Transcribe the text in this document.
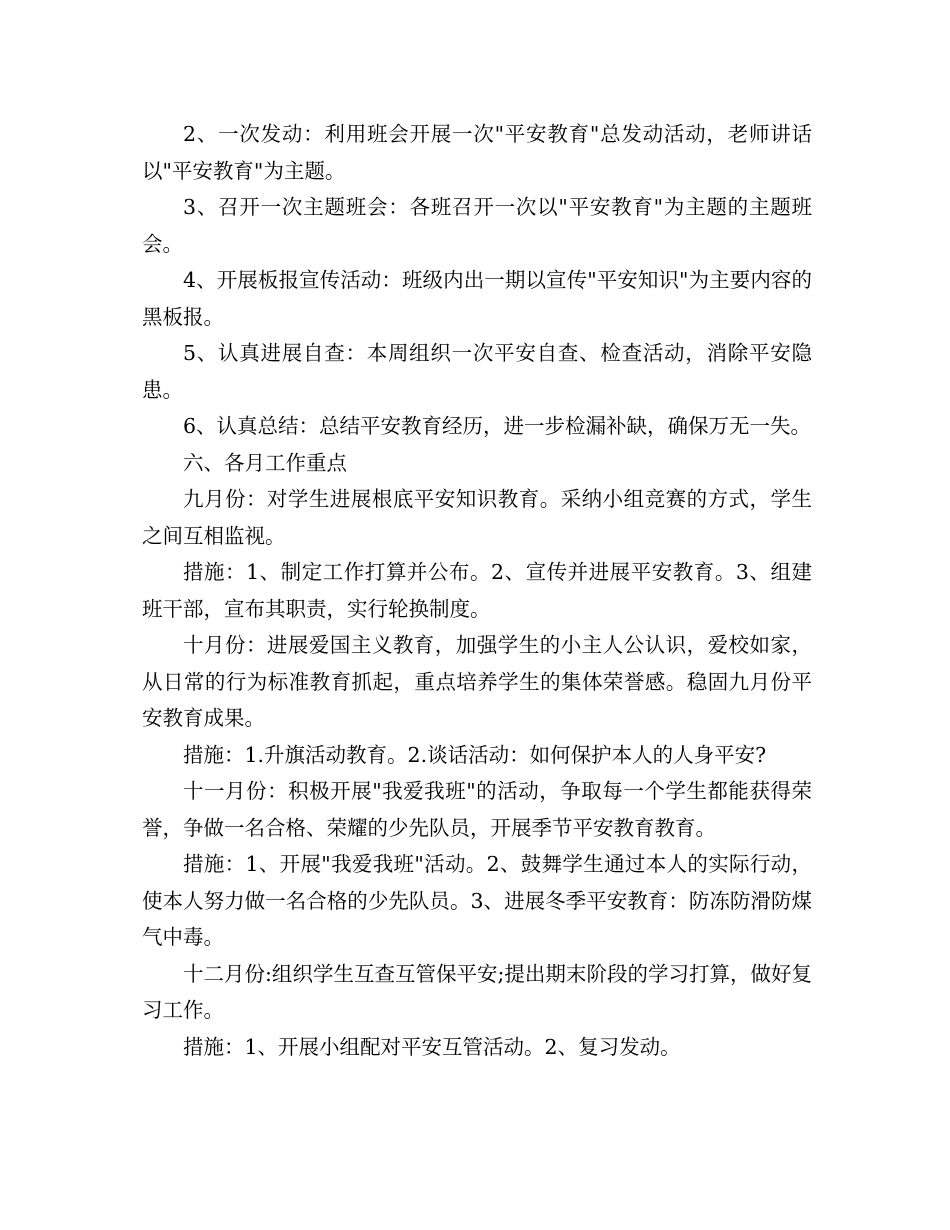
2、一次发动：利用班会开展一次"平安教育"总发动活动，老师讲话以"平安教育"为主题。

3、召开一次主题班会：各班召开一次以"平安教育"为主题的主题班会。

4、开展板报宣传活动：班级内出一期以宣传"平安知识"为主要内容的黑板报。

5、认真进展自查：本周组织一次平安自查、检查活动，消除平安隐患。

6、认真总结：总结平安教育经历，进一步检漏补缺，确保万无一失。

六、各月工作重点

九月份：对学生进展根底平安知识教育。采纳小组竞赛的方式，学生之间互相监视。

措施：1、制定工作打算并公布。2、宣传并进展平安教育。3、组建班干部，宣布其职责，实行轮换制度。

十月份：进展爱国主义教育，加强学生的小主人公认识，爱校如家，从日常的行为标准教育抓起，重点培养学生的集体荣誉感。稳固九月份平安教育成果。

措施：1.升旗活动教育。2.谈话活动：如何保护本人的人身平安?

十一月份：积极开展"我爱我班"的活动，争取每一个学生都能获得荣誉，争做一名合格、荣耀的少先队员，开展季节平安教育教育。

措施：1、开展"我爱我班"活动。2、鼓舞学生通过本人的实际行动，使本人努力做一名合格的少先队员。3、进展冬季平安教育：防冻防滑防煤气中毒。

十二月份:组织学生互查互管保平安;提出期末阶段的学习打算，做好复习工作。

措施：1、开展小组配对平安互管活动。2、复习发动。
